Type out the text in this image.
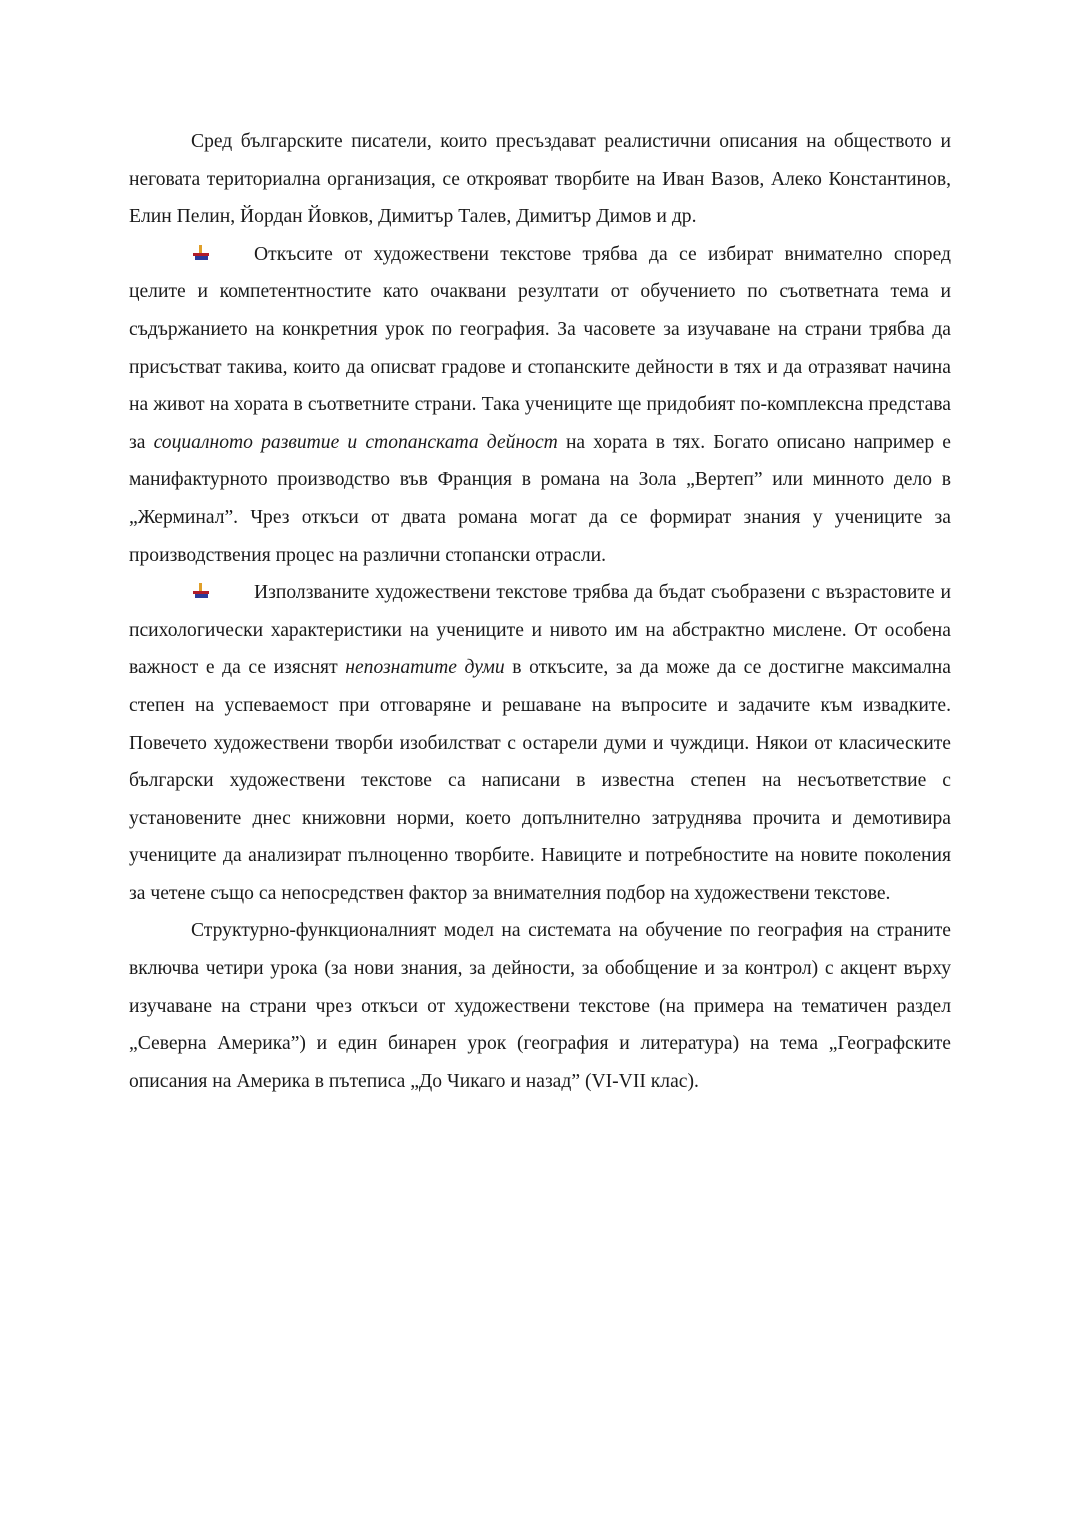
Сред българските писатели, които пресъздават реалистични описания на обществото и неговата териториална организация, се открояват творбите на Иван Вазов, Алеко Константинов, Елин Пелин, Йордан Йовков, Димитър Талев, Димитър Димов и др.

Откъсите от художествени текстове трябва да се избират внимателно според целите и компетентностите като очаквани резултати от обучението по съответната тема и съдържанието на конкретния урок по география. За часовете за изучаване на страни трябва да присъстват такива, които да описват градове и стопанските дейности в тях и да отразяват начина на живот на хората в съответните страни. Така учениците ще придобият по-комплексна представа за социалното развитие и стопанската дейност на хората в тях. Богато описано например е манифактурното производство във Франция в романа на Зола „Вертеп” или минното дело в „Жерминал”. Чрез откъси от двата романа могат да се формират знания у учениците за производствения процес на различни стопански отрасли.

Използваните художествени текстове трябва да бъдат съобразени с възрастовите и психологически характеристики на учениците и нивото им на абстрактно мислене. От особена важност е да се изяснят непознатите думи в откъсите, за да може да се достигне максимална степен на успеваемост при отговаряне и решаване на въпросите и задачите към извадките. Повечето художествени творби изобилстват с остарели думи и чуждици. Някои от класическите български художествени текстове са написани в известна степен на несъответствие с установените днес книжовни норми, което допълнително затруднява прочита и демотивира учениците да анализират пълноценно творбите. Навиците и потребностите на новите поколения за четене също са непосредствен фактор за внимателния подбор на художествени текстове.

Структурно-функционалният модел на системата на обучение по география на страните включва четири урока (за нови знания, за дейности, за обобщение и за контрол) с акцент върху изучаване на страни чрез откъси от художествени текстове (на примера на тематичен раздел „Северна Америка”) и един бинарен урок (география и литература) на тема „Географските описания на Америка в пътеписа „До Чикаго и назад” (VI-VII клас).
